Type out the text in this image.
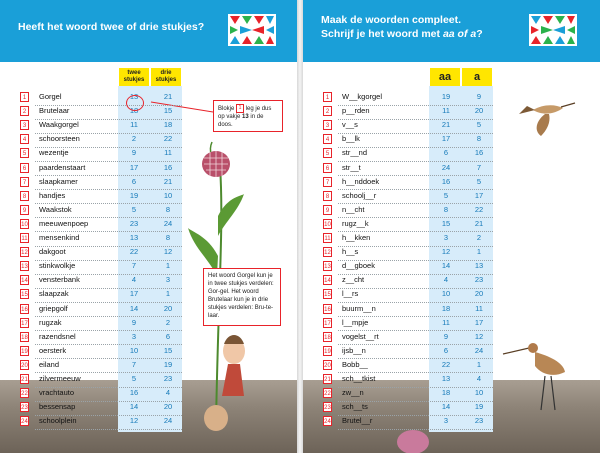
Heeft het woord twee of drie stukjes?
twee stukjes
drie stukjes
Blokje 1 leg je dus op vakje 13 in de doos.
Het woord Gorgel kun je in twee stukjes verdelen: Gor-gel. Het woord Brutelaar kun je in drie stukjes verdelen: Bru-te-laar.
1	Gorgel	13	21
2	Brutelaar	18	15
3	Waakgorgel	11	18
4	schoorsteen	2	22
5	wezentje	9	11
6	paardenstaart	17	16
7	slaapkamer	6	21
8	handjes	19	10
9	Waakstok	5	8
10 meeuwenpoep	23	24
11 mensenkind	13	8
12 dakgoot	22	12
13 stinkwolkje	7	1
14 vensterbank	4	3
15 slaapzak	17	1
16 griepgolf	14	20
17 rugzak	9	2
18 razendsnel	3	6
19 oersterk	10	15
20 eiland	7	19
21 zilvermeeuw	5	23
22 vrachtauto	16	4
23 bessensap	14	20
24 schoolplein	12	24
Maak de woorden compleet.
Schrijf je het woord met aa of a?
aa	a
1	W__kgorgel	19	9
2	p__rden	11	20
3	v__s	21	5
4	b__lk	17	8
5	str__nd	6	16
6	str__t	24	7
7	h__nddoek	16	5
8	schoolj__r	5	17
9	n__cht	8	22
10 rugz__k	15	21
11 h__kken	3	2
12 h__s	12	1
13 d__gboek	14	13
14 z__cht	4	23
15 l__rs	10	20
16 buurm__n	18	11
17 l__mpje	11	17
18 vogelst__rt	9	12
19 ijsb__n	6	24
20 Bobb__	22	1
21 sch__tkist	13	4
22 zw__n	18	10
23 sch__ts	14	19
24 Brutel__r	3	23
